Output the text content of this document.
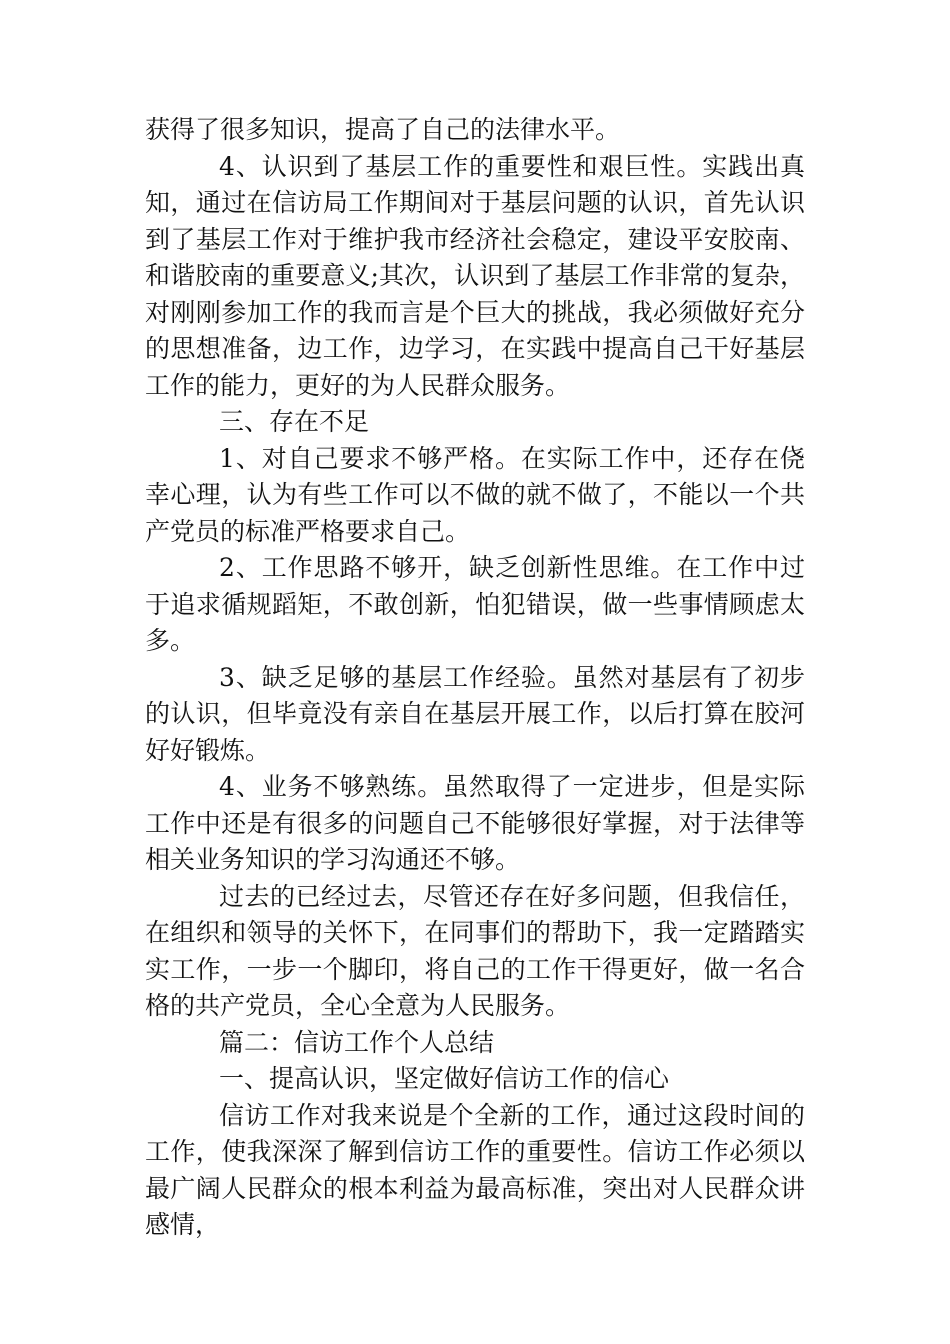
获得了很多知识，提高了自己的法律水平。

4、认识到了基层工作的重要性和艰巨性。实践出真知，通过在信访局工作期间对于基层问题的认识，首先认识到了基层工作对于维护我市经济社会稳定，建设平安胶南、和谐胶南的重要意义;其次，认识到了基层工作非常的复杂，对刚刚参加工作的我而言是个巨大的挑战，我必须做好充分的思想准备，边工作，边学习，在实践中提高自己干好基层工作的能力，更好的为人民群众服务。

三、存在不足

1、对自己要求不够严格。在实际工作中，还存在侥幸心理，认为有些工作可以不做的就不做了，不能以一个共产党员的标准严格要求自己。

2、工作思路不够开，缺乏创新性思维。在工作中过于追求循规蹈矩，不敢创新，怕犯错误，做一些事情顾虑太多。

3、缺乏足够的基层工作经验。虽然对基层有了初步的认识，但毕竟没有亲自在基层开展工作，以后打算在胶河好好锻炼。

4、业务不够熟练。虽然取得了一定进步，但是实际工作中还是有很多的问题自己不能够很好掌握，对于法律等相关业务知识的学习沟通还不够。

过去的已经过去，尽管还存在好多问题，但我信任，在组织和领导的关怀下，在同事们的帮助下，我一定踏踏实实工作，一步一个脚印，将自己的工作干得更好，做一名合格的共产党员，全心全意为人民服务。

篇二：信访工作个人总结

一、提高认识，坚定做好信访工作的信心

信访工作对我来说是个全新的工作，通过这段时间的工作，使我深深了解到信访工作的重要性。信访工作必须以最广阔人民群众的根本利益为最高标准，突出对人民群众讲感情，
